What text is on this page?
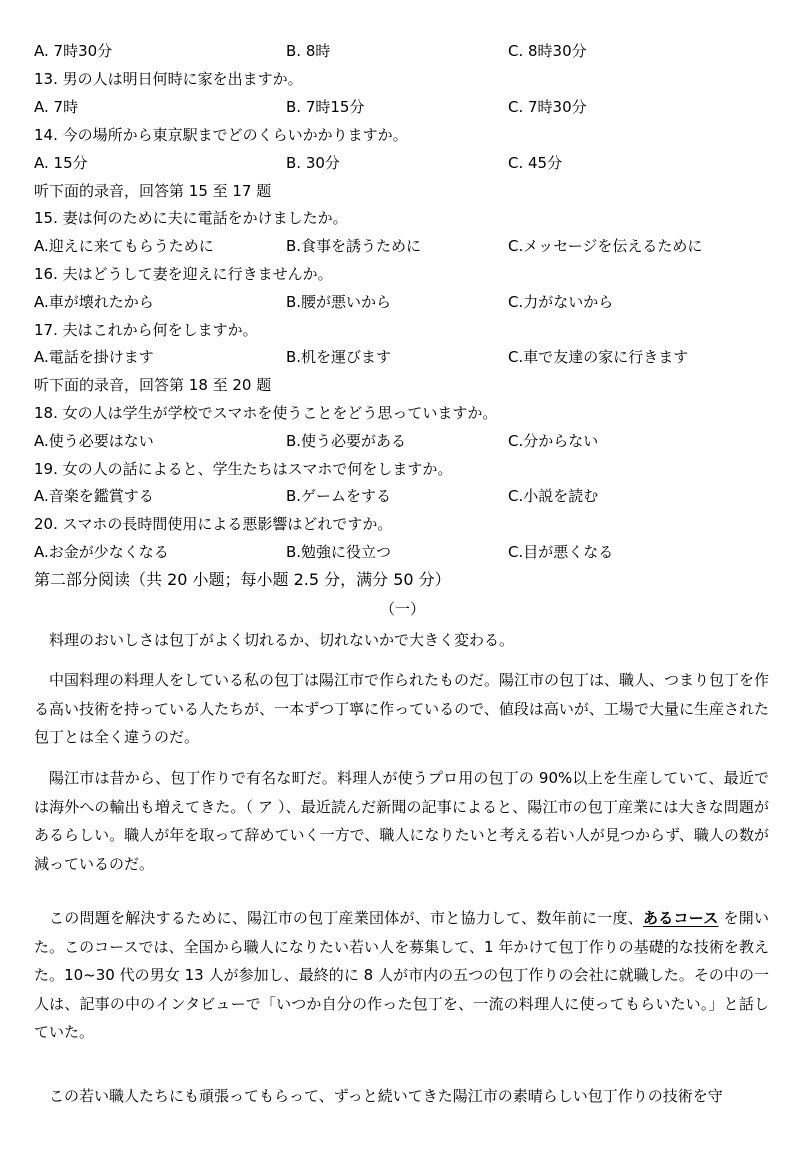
A. 7時30分	B. 8時	C. 8時30分
13. 男の人は明日何時に家を出ますか。
A. 7時	B. 7時15分	C. 7時30分
14. 今の場所から東京駅までどのくらいかかりますか。
A. 15分	B. 30分	C. 45分
听下面的录音，回答第 15 至 17 题
15. 妻は何のために夫に電話をかけましたか。
A.迎えに来てもらうために	B.食事を誘うために	C.メッセージを伝えるために
16. 夫はどうして妻を迎えに行きませんか。
A.車が壊れたから	B.腰が悪いから	C.力がないから
17. 夫はこれから何をしますか。
A.電話を掛けます	B.机を運びます	C.車で友達の家に行きます
听下面的录音，回答第 18 至 20 题
18. 女の人は学生が学校でスマホを使うことをどう思っていますか。
A.使う必要はない	B.使う必要がある	C.分からない
19. 女の人の話によると、学生たちはスマホで何をしますか。
A.音楽を鑑賞する	B.ゲームをする	C.小説を読む
20. スマホの長時間使用による悪影響はどれですか。
A.お金が少なくなる	B.勉強に役立つ	C.目が悪くなる
第二部分阅读（共 20 小题；每小题 2.5 分，满分 50 分）
（一）

料理のおいしさは包丁がよく切れるか、切れないかで大きく変わる。

中国料理の料理人をしている私の包丁は陽江市で作られたものだ。陽江市の包丁は、職人、つまり包丁を作る高い技術を持っている人たちが、一本ずつ丁寧に作っているので、値段は高いが、工場で大量に生産された包丁とは全く違うのだ。

陽江市は昔から、包丁作りで有名な町だ。料理人が使うプロ用の包丁の 90%以上を生産していて、最近では海外への輸出も増えてきた。（ ア ）、最近読んだ新聞の記事によると、陽江市の包丁産業には大きな問題があるらしい。職人が年を取って辞めていく一方で、職人になりたいと考える若い人が見つからず、職人の数が減っているのだ。

この問題を解決するために、陽江市の包丁産業団体が、市と協力して、数年前に一度、あるコース を開いた。このコースでは、全国から職人になりたい若い人を募集して、1 年かけて包丁作りの基礎的な技術を教えた。10~30 代の男女 13 人が参加し、最終的に 8 人が市内の五つの包丁作りの会社に就職した。その中の一人は、記事の中のインタビューで「いつか自分の作った包丁を、一流の料理人に使ってもらいたい。」と話していた。

この若い職人たちにも頑張ってもらって、ずっと続いてきた陽江市の素晴らしい包丁作りの技術を守
